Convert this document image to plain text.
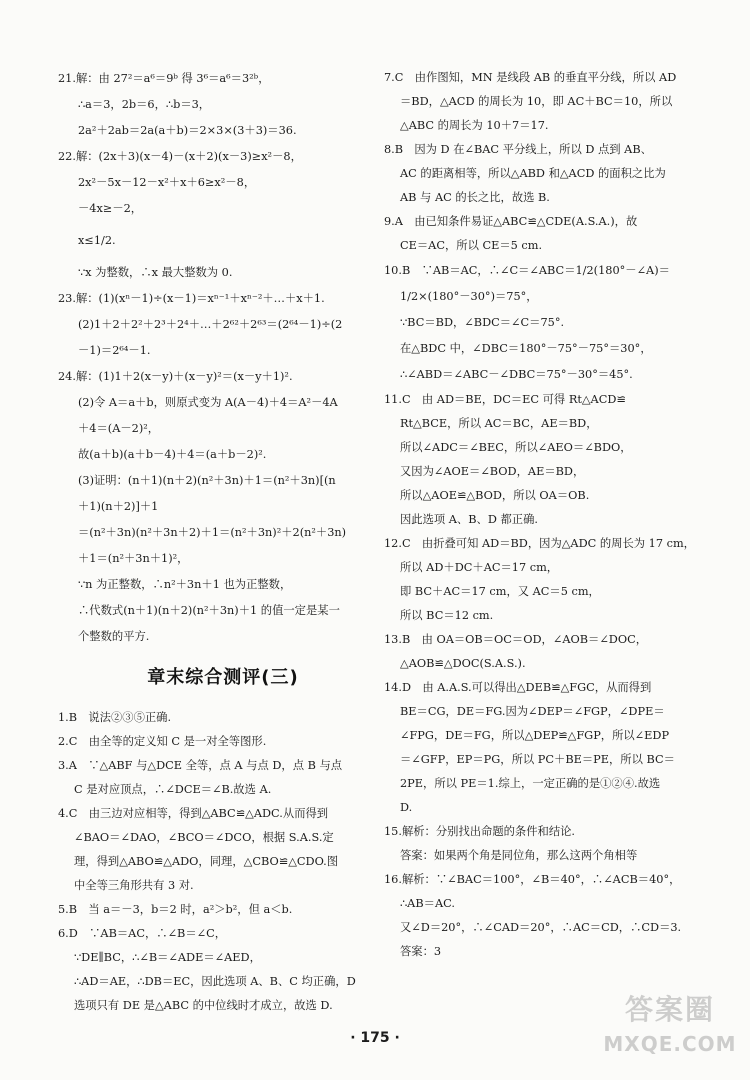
21.解：由 27²＝a⁶＝9ᵇ 得 3⁶＝a⁶＝3²ᵇ，
∴a＝3，2b＝6，∴b＝3，
2a²＋2ab＝2a(a＋b)＝2×3×(3＋3)＝36.
22.解：(2x＋3)(x－4)－(x＋2)(x－3)≥x²－8，
2x²－5x－12－x²＋x＋6≥x²－8，
－4x≥－2，
x≤1/2.
∵x 为整数，∴x 最大整数为 0.
23.解：(1)(xⁿ－1)÷(x－1)＝xⁿ⁻¹＋xⁿ⁻²＋…＋x＋1.
(2)1＋2＋2²＋2³＋2⁴＋…＋2⁶²＋2⁶³＝(2⁶⁴－1)÷(2
－1)＝2⁶⁴－1.
24.解：(1)1＋2(x－y)＋(x－y)²＝(x－y＋1)².
(2)令 A＝a＋b，则原式变为 A(A－4)＋4＝A²－4A
＋4＝(A－2)²，
故(a＋b)(a＋b－4)＋4＝(a＋b－2)².
(3)证明：(n＋1)(n＋2)(n²＋3n)＋1＝(n²＋3n)[(n
＋1)(n＋2)]＋1
＝(n²＋3n)(n²＋3n＋2)＋1＝(n²＋3n)²＋2(n²＋3n)
＋1＝(n²＋3n＋1)²，
∵n 为正整数，∴n²＋3n＋1 也为正整数，
∴代数式(n＋1)(n＋2)(n²＋3n)＋1 的值一定是某一
个整数的平方.
章末综合测评(三)
1.B　说法②③⑤正确.
2.C　由全等的定义知 C 是一对全等图形.
3.A　∵△ABF 与△DCE 全等，点 A 与点 D，点 B 与点
C 是对应顶点，∴∠DCE＝∠B.故选 A.
4.C　由三边对应相等，得到△ABC≌△ADC.从而得到
∠BAO＝∠DAO，∠BCO＝∠DCO，根据 S.A.S.定
理，得到△ABO≌△ADO，同理，△CBO≌△CDO.图
中全等三角形共有 3 对.
5.B　当 a＝－3，b＝2 时，a²＞b²，但 a＜b.
6.D　∵AB＝AC，∴∠B＝∠C，
∵DE∥BC，∴∠B＝∠ADE＝∠AED，
∴AD＝AE，∴DB＝EC，因此选项 A、B、C 均正确，D
选项只有 DE 是△ABC 的中位线时才成立，故选 D.
7.C　由作图知，MN 是线段 AB 的垂直平分线，所以 AD
＝BD，△ACD 的周长为 10，即 AC＋BC＝10，所以
△ABC 的周长为 10＋7＝17.
8.B　因为 D 在∠BAC 平分线上，所以 D 点到 AB、
AC 的距离相等，所以△ABD 和△ACD 的面积之比为
AB 与 AC 的长之比，故选 B.
9.A　由已知条件易证△ABC≌△CDE(A.S.A.)，故
CE＝AC，所以 CE＝5 cm.
10.B　∵AB＝AC，∴∠C＝∠ABC＝1/2(180°－∠A)＝
1/2×(180°－30°)＝75°，
∵BC＝BD，∠BDC＝∠C＝75°.
在△BDC 中，∠DBC＝180°－75°－75°＝30°，
∴∠ABD＝∠ABC－∠DBC＝75°－30°＝45°.
11.C　由 AD＝BE，DC＝EC 可得 Rt△ACD≌
Rt△BCE，所以 AC＝BC，AE＝BD，
所以∠ADC＝∠BEC，所以∠AEO＝∠BDO，
又因为∠AOE＝∠BOD，AE＝BD，
所以△AOE≌△BOD，所以 OA＝OB.
因此选项 A、B、D 都正确.
12.C　由折叠可知 AD＝BD，因为△ADC 的周长为 17 cm，
所以 AD＋DC＋AC＝17 cm，
即 BC＋AC＝17 cm，又 AC＝5 cm，
所以 BC＝12 cm.
13.B　由 OA＝OB＝OC＝OD，∠AOB＝∠DOC，
△AOB≌△DOC(S.A.S.).
14.D　由 A.A.S.可以得出△DEB≌△FGC，从而得到
BE＝CG，DE＝FG.因为∠DEP＝∠FGP，∠DPE＝
∠FPG，DE＝FG，所以△DEP≌△FGP，所以∠EDP
＝∠GFP，EP＝PG，所以 PC＋BE＝PE，所以 BC＝
2PE，所以 PE＝1.综上，一定正确的是①②④.故选
D.
15.解析：分别找出命题的条件和结论.
答案：如果两个角是同位角，那么这两个角相等
16.解析：∵∠BAC＝100°，∠B＝40°，∴∠ACB＝40°，
∴AB＝AC.
又∠D＝20°，∴∠CAD＝20°，∴AC＝CD，∴CD＝3.
答案：3
· 175 ·
答案圈
MXQE.COM
